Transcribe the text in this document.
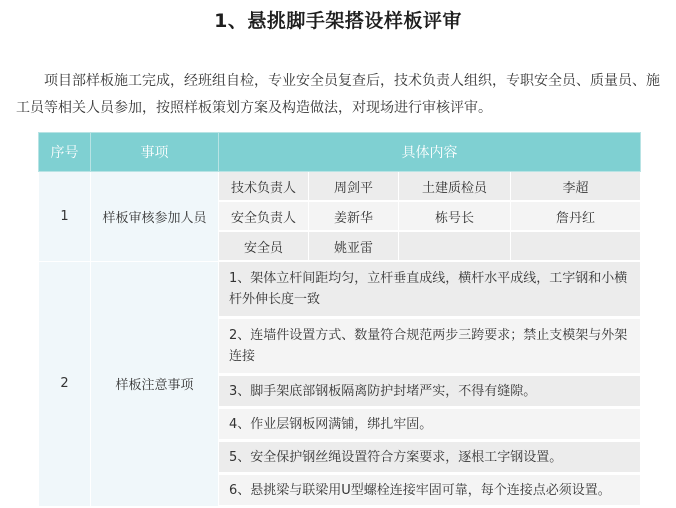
1、悬挑脚手架搭设样板评审
项目部样板施工完成，经班组自检，专业安全员复查后，技术负责人组织，专职安全员、质量员、施工员等相关人员参加，按照样板策划方案及构造做法，对现场进行审核评审。
序号	事项	具体内容			
1	样板审核参加人员	技术负责人	周剑平	土建质检员	李超
		安全负责人	姜新华	栋号长	詹丹红
		安全员	姚亚雷		
2	样板注意事项	1、架体立杆间距均匀，立杆垂直成线，横杆水平成线，工字钢和小横杆外伸长度一致			
		2、连墙件设置方式、数量符合规范两步三跨要求；禁止支模架与外架连接			
		3、脚手架底部钢板隔离防护封堵严实，不得有缝隙。			
		4、作业层钢板网满铺，绑扎牢固。			
		5、安全保护钢丝绳设置符合方案要求，逐根工字钢设置。			
		6、悬挑梁与联梁用U型螺栓连接牢固可靠，每个连接点必须设置。			
